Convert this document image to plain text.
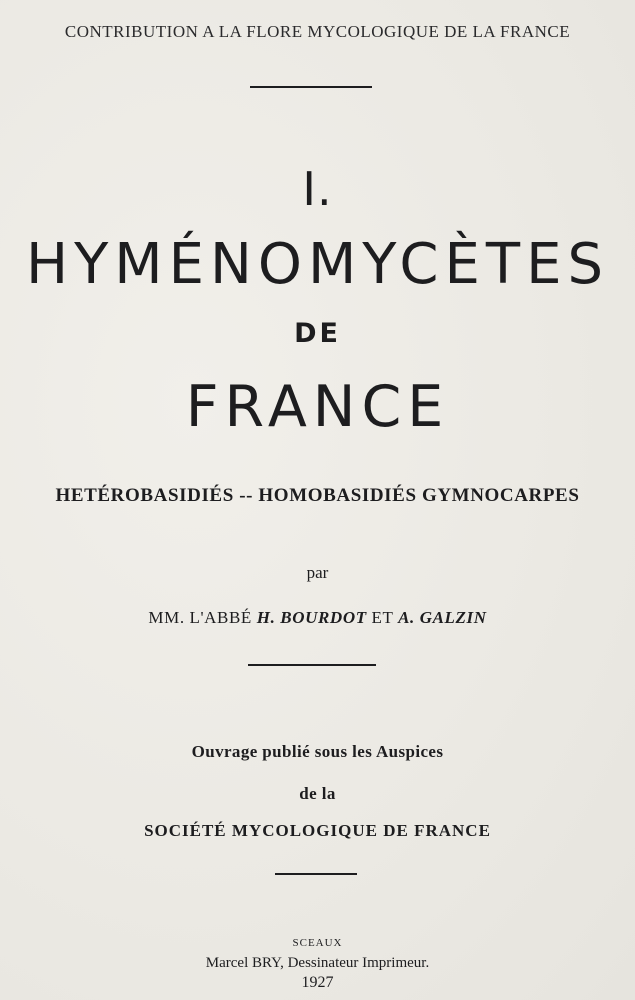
CONTRIBUTION A LA FLORE MYCOLOGIQUE DE LA FRANCE
I.
HYMÉNOMYCÈTES
DE
FRANCE
HETÉROBASIDIÉS -- HOMOBASIDIÉS GYMNOCARPES
par
MM. L'ABBÉ H. BOURDOT ET A. GALZIN
Ouvrage publié sous les Auspices
de la
SOCIÉTÉ MYCOLOGIQUE DE FRANCE
SCEAUX
Marcel BRY, Dessinateur Imprimeur.
1927
